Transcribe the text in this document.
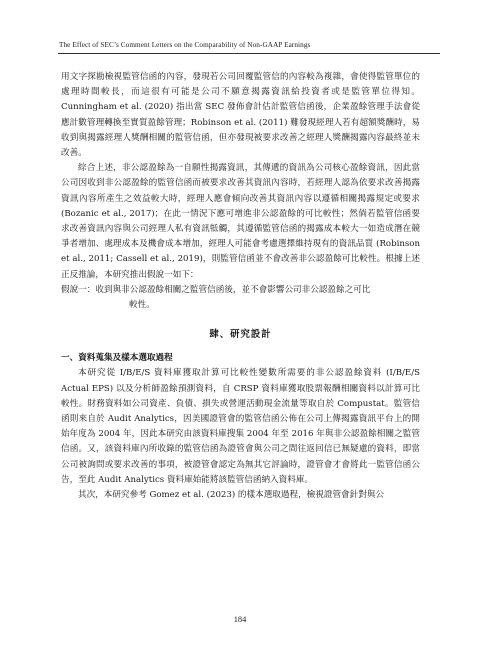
The Effect of SEC’s Comment Letters on the Comparability of Non-GAAP Earnings

用文字探勘檢視監管信函的內容，發現若公司回覆監管信的內容較為複雜，會使得監管單位的處理時間較長，而這很有可能是公司不願意揭露資訊給投資者或是監管單位得知。Cunningham et al. (2020) 指出當 SEC 發佈會計估計監管信函後，企業盈餘管理手法會從應計數管理轉換至實質盈餘管理；Robinson et al. (2011) 難發現經理人若有超額獎酬時，易收到與揭露經理人獎酬相關的監管信函，但亦發現被要求改善之經理人獎酬揭露內容最終並未改善。

綜合上述，非公認盈餘為一自願性揭露資訊，其傳遞的資訊為公司核心盈餘資訊，因此當公司因收到非公認盈餘的監管信函而被要求改善其資訊內容時，若經理人認為依要求改善揭露資訊內容所產生之效益較大時，經理人應會傾向改善其資訊內容以遵循相關揭露規定或要求 (Bozanic et al., 2017)；在此一情況下應可增進非公認盈餘的可比較性；然倘若監管信函要求改善資訊內容與公司經理人私有資訊牴觸，其遵循監管信函的揭露成本較大一如造成潛在競爭者增加、處理成本及機會成本增加，經理人可能會考慮選擇維持現有的資訊品質 (Robinson et al., 2011; Cassell et al., 2019)，則監管信函並不會改善非公認盈餘可比較性。根據上述正反推論，本研究推出假說一如下：

假說一：收到與非公認盈餘相關之監管信函後，並不會影響公司非公認盈餘之可比

較性。

肆、研究設計

一、資料蒐集及樣本選取過程

本研究從 I/B/E/S 資料庫獲取計算可比較性變數所需要的非公認盈餘資料 (I/B/E/S Actual EPS) 以及分析師盈餘預測資料，自 CRSP 資料庫獲取股票報酬相關資料以計算可比較性。財務資料如公司資產、負債、損失或營運活動現金流量等取自於 Compustat。監管信函則來自於 Audit Analytics，因美國證管會的監管信函公佈在公司上傳揭露資訊平台上的開始年度為 2004 年，因此本研究由該資料庫搜集 2004 年至 2016 年與非公認盈餘相關之監管信函。又，該資料庫內所收錄的監管信函為證管會與公司之間往返回信已無疑慮的資料，即當公司被詢問或要求改善的事項，被證管會認定為無其它評論時，證管會才會將此一監管信函公告，至此 Audit Analytics 資料庫始能將該監管信函納入資料庫。

其次，本研究參考 Gomez et al. (2023) 的樣本選取過程，檢視證管會針對與公

184
